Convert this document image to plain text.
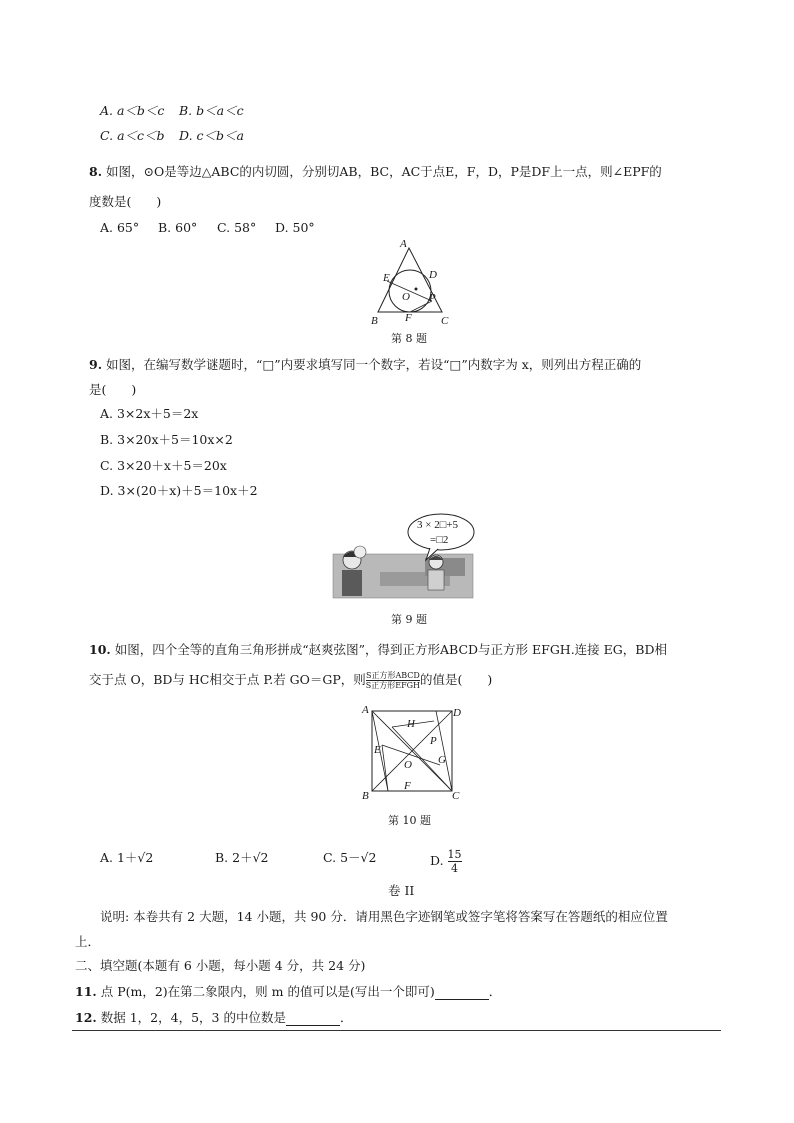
A. a＜b＜c B. b＜a＜c
C. a＜c＜b D. c＜b＜a
8. 如图，⊙O是等边△ABC的内切圆，分别切AB，BC，AC于点E，F，D，P是DF上一点，则∠EPF的
度数是(　　)
A. 65° B. 60° C. 58° D. 50°
A
E	D
O P
B F	C
第 8 题
9. 如图，在编写数学谜题时，“□”内要求填写同一个数字，若设“□”内数字为 x，则列出方程正确的
是(　　)
A. 3×2x＋5＝2x
B. 3×20x＋5＝10x×2
C. 3×20＋x＋5＝20x
D. 3×(20＋x)＋5＝10x＋2
3 × 2□+5
=□2
第 9 题
10. 如图，四个全等的直角三角形拼成“赵爽弦图”，得到正方形ABCD与正方形 EFGH.连接 EG，BD相
交于点 O，BD与 HC相交于点 P.若 GO＝GP，则 $\frac{\text{S正方形ABCD}}{\text{S正方形EFGH}}$ 的值是(　　)
A	D
H
P
E
G
O
F
B	C
第 10 题
A. 1＋√2	B. 2＋√2	C. 5－√2	D. $\frac{15}{4}$
卷 II
说明: 本卷共有 2 大题，14 小题，共 90 分．请用黑色字迹钢笔或签字笔将答案写在答题纸的相应位置
上．
二、填空题(本题有 6 小题，每小题 4 分，共 24 分)
11. 点 P(m，2)在第二象限内，则 m 的值可以是(写出一个即可)	．
12. 数据 1，2，4，5，3 的中位数是	．
